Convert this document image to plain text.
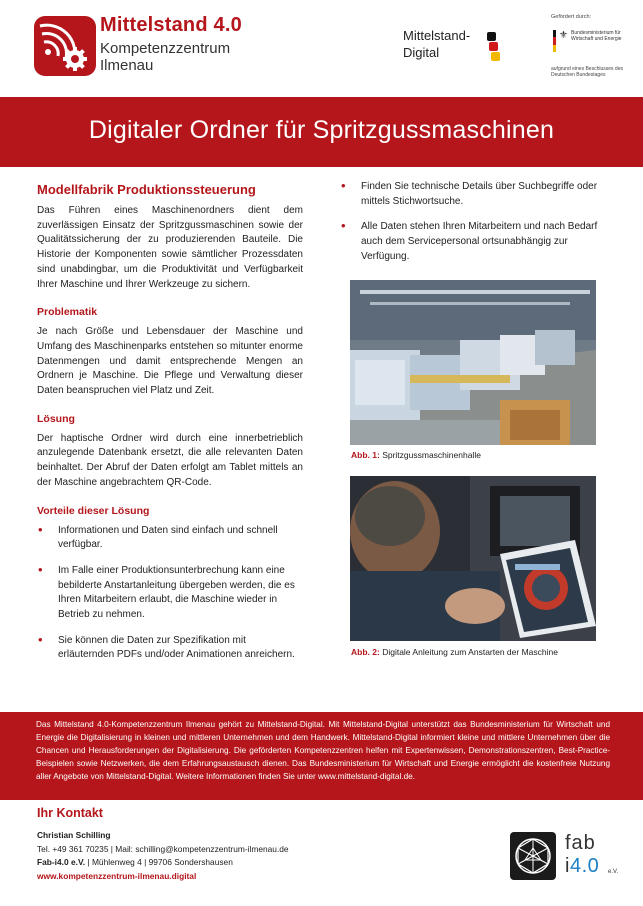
Mittelstand 4.0
Kompetenzzentrum
Ilmenau
Mittelstand-
Digital
Gefördert durch:
⚜ Bundesministerium für Wirtschaft und Energie
aufgrund eines Beschlusses des Deutschen Bundestages
Digitaler Ordner für Spritzgussmaschinen
Modellfabrik Produktionssteuerung
Das Führen eines Maschinenordners dient dem zuverlässigen Einsatz der Spritzgussmaschinen sowie der Qualitätssicherung der zu produzierenden Bauteile. Die Historie der Komponenten sowie sämtlicher Prozessdaten sind unabdingbar, um die Produktivität und Verfügbarkeit Ihrer Maschine und Ihrer Werkzeuge zu sichern.
Problematik
Je nach Größe und Lebensdauer der Maschine und Umfang des Maschinenparks entstehen so mitunter enorme Datenmengen und damit entsprechende Mengen an Ordnern je Maschine. Die Pflege und Verwaltung dieser Daten beanspruchen viel Platz und Zeit.
Lösung
Der haptische Ordner wird durch eine innerbetrieblich anzulegende Datenbank ersetzt, die alle relevanten Daten beinhaltet. Der Abruf der Daten erfolgt am Tablet mittels an der Maschine angebrachtem QR-Code.
Vorteile dieser Lösung
• Informationen und Daten sind einfach und schnell verfügbar.
• Im Falle einer Produktionsunterbrechung kann eine bebilderte Anstartanleitung übergeben werden, die es Ihren Mitarbeitern erlaubt, die Maschine wieder in Betrieb zu nehmen.
• Sie können die Daten zur Spezifikation mit erläuternden PDFs und/oder Animationen anreichern.
• Finden Sie technische Details über Suchbegriffe oder mittels Stichwortsuche.
• Alle Daten stehen Ihren Mitarbeitern und nach Bedarf auch dem Servicepersonal ortsunabhängig zur Verfügung.
Abb. 1: Spritzgussmaschinenhalle
Abb. 2: Digitale Anleitung zum Anstarten der Maschine

Das Mittelstand 4.0-Kompetenzzentrum Ilmenau gehört zu Mittelstand-Digital. Mit Mittelstand-Digital unterstützt das Bundesministerium für Wirtschaft und Energie die Digitalisierung in kleinen und mittleren Unternehmen und dem Handwerk. Mittelstand-Digital informiert kleine und mittlere Unternehmen über die Chancen und Herausforderungen der Digitalisierung. Die geförderten Kompetenzzentren helfen mit Expertenwissen, Demonstrationszentren, Best-Practice-Beispielen sowie Netzwerken, die dem Erfahrungsaustausch dienen. Das Bundesministerium für Wirtschaft und Energie ermöglicht die kostenfreie Nutzung aller Angebote von Mittelstand-Digital. Weitere Informationen finden Sie unter www.mittelstand-digital.de.

Ihr Kontakt
Christian Schilling
Tel. +49 361 70235 | Mail: schilling@kompetenzzentrum-ilmenau.de
Fab-i4.0 e.V. | Mühlenweg 4 | 99706 Sondershausen
www.kompetenzzentrum-ilmenau.digital
fab
i4.0 e.V.
